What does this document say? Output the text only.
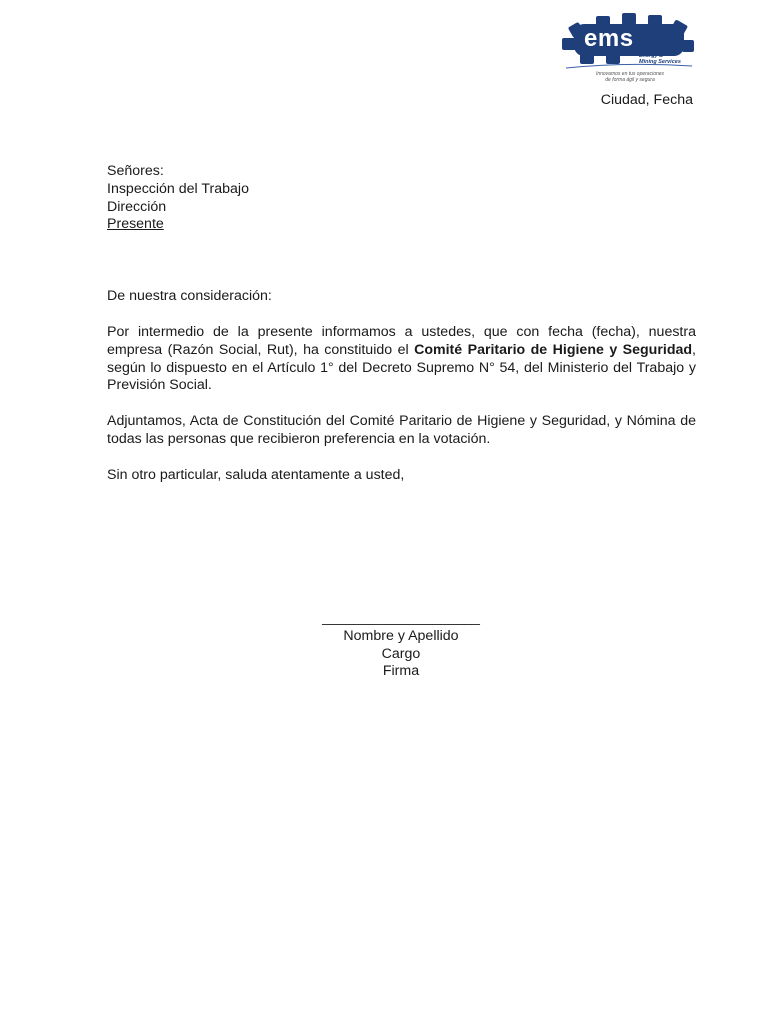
ems
Energy &
Mining Services
Innovamos en tus operaciones
de forma ágil y segura
Ciudad, Fecha
Señores:
Inspección del Trabajo
Dirección
Presente
De nuestra consideración:
Por intermedio de la presente informamos a ustedes, que con fecha (fecha), nuestra empresa (Razón Social, Rut), ha constituido el Comité Paritario de Higiene y Seguridad, según lo dispuesto en el Artículo 1° del Decreto Supremo N° 54, del Ministerio del Trabajo y Previsión Social.
Adjuntamos, Acta de Constitución del Comité Paritario de Higiene y Seguridad, y Nómina de todas las personas que recibieron preferencia en la votación.
Sin otro particular, saluda atentamente a usted,
____________________
Nombre y Apellido
Cargo
Firma
